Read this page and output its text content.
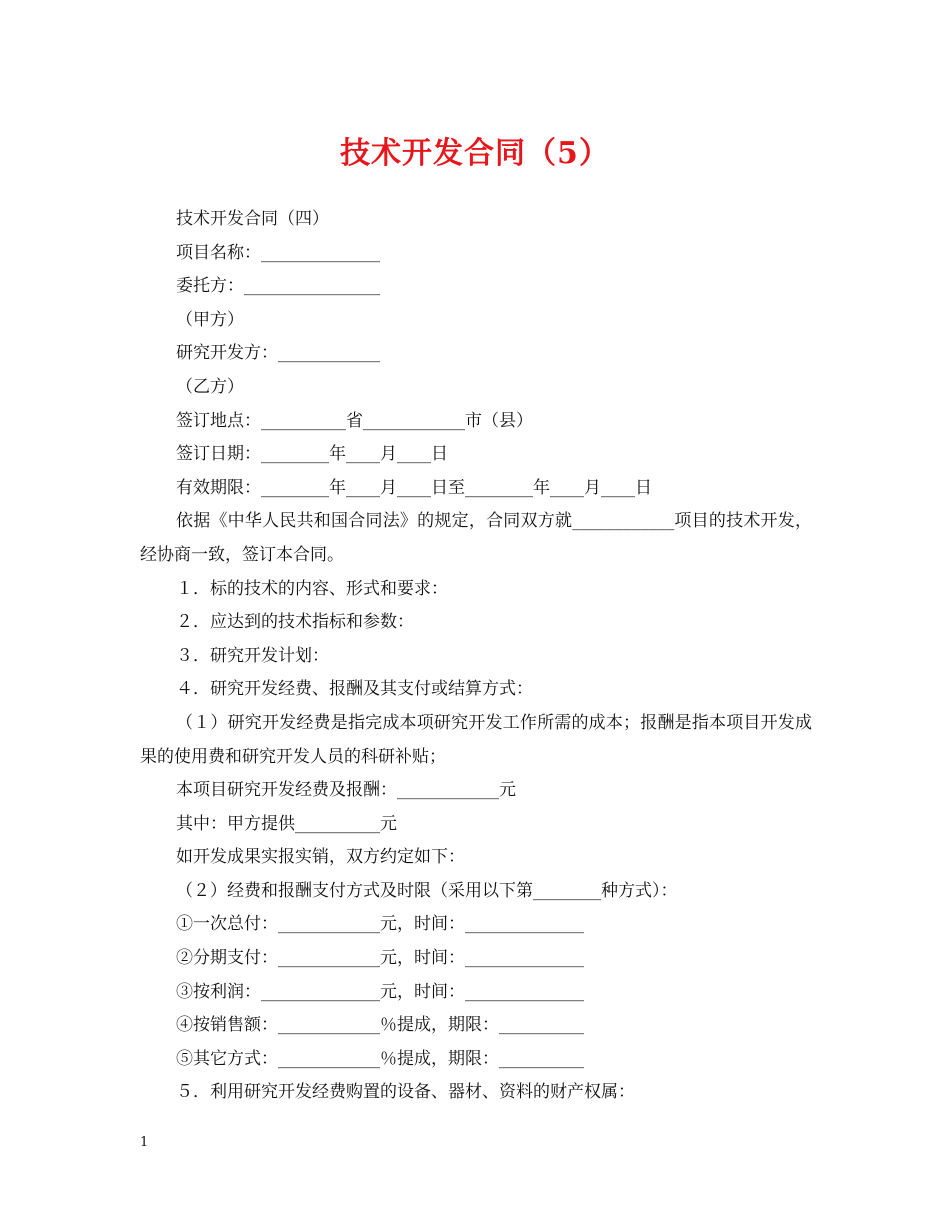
技术开发合同（5）
技术开发合同（四）
项目名称：______________
委托方：________________
（甲方）
研究开发方：____________
（乙方）
签订地点：__________省____________市（县）
签订日期：________年____月____日
有效期限：________年____月____日至________年____月____日
依据《中华人民共和国合同法》的规定，合同双方就____________项目的技术开发，经协商一致，签订本合同。
１．标的技术的内容、形式和要求：
２．应达到的技术指标和参数：
３．研究开发计划：
４．研究开发经费、报酬及其支付或结算方式：
（１）研究开发经费是指完成本项研究开发工作所需的成本；报酬是指本项目开发成果的使用费和研究开发人员的科研补贴；
本项目研究开发经费及报酬：____________元
其中：甲方提供__________元
如开发成果实报实销，双方约定如下：
（２）经费和报酬支付方式及时限（采用以下第________种方式）：
①一次总付：____________元，时间：______________
②分期支付：____________元，时间：______________
③按利润：______________元，时间：______________
④按销售额：____________％提成，期限：__________
⑤其它方式：____________％提成，期限：__________
５．利用研究开发经费购置的设备、器材、资料的财产权属：
1
